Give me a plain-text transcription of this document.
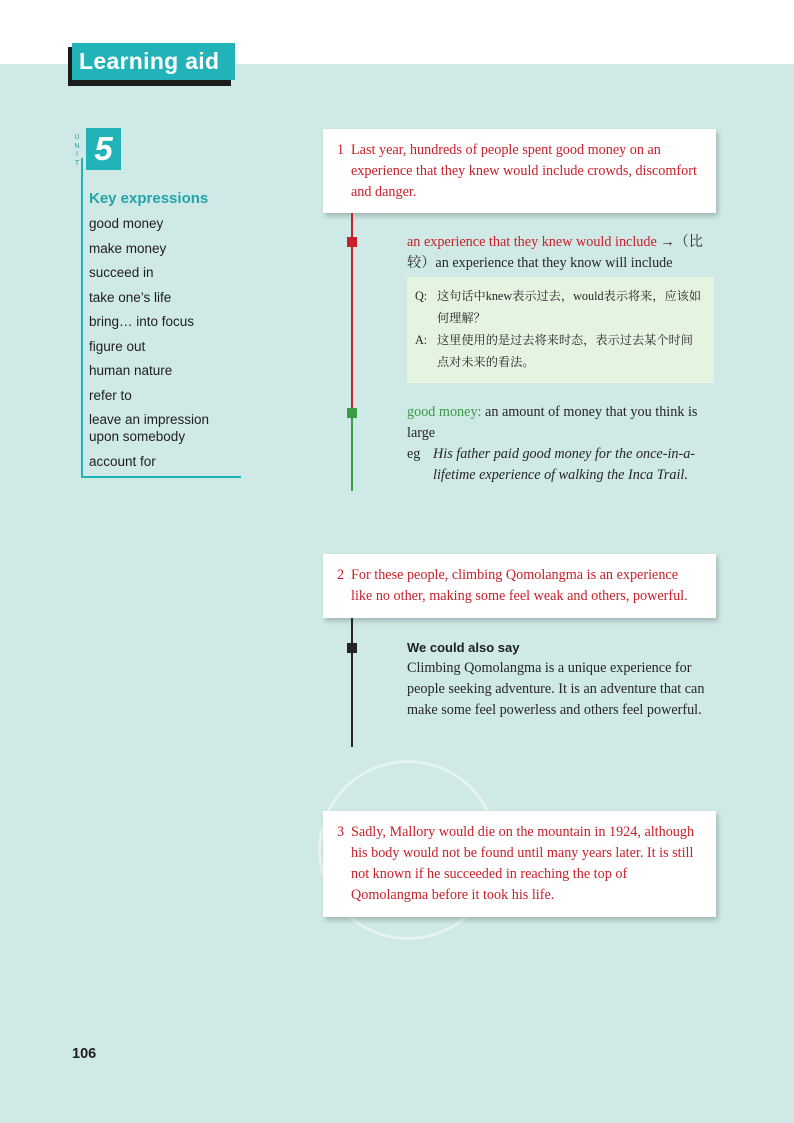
Learning aid
U
N
I
T 5
Key expressions
good money
make money
succeed in
take one’s life
bring… into focus
figure out
human nature
refer to
leave an impression upon somebody
account for
1 Last year, hundreds of people spent good money on an experience that they knew would include crowds, discomfort and danger.
an experience that they knew would include →（比较）an experience that they know will include
Q: 这句话中knew表示过去，would表示将来，应该如何理解？
A: 这里使用的是过去将来时态，表示过去某个时间点对未来的看法。
good money: an amount of money that you think is large
eg His father paid good money for the once-in-a-lifetime experience of walking the Inca Trail.
2 For these people, climbing Qomolangma is an experience like no other, making some feel weak and others, powerful.
We could also say
Climbing Qomolangma is a unique experience for people seeking adventure. It is an adventure that can make some feel powerless and others feel powerful.
3 Sadly, Mallory would die on the mountain in 1924, although his body would not be found until many years later. It is still not known if he succeeded in reaching the top of Qomolangma before it took his life.
106
